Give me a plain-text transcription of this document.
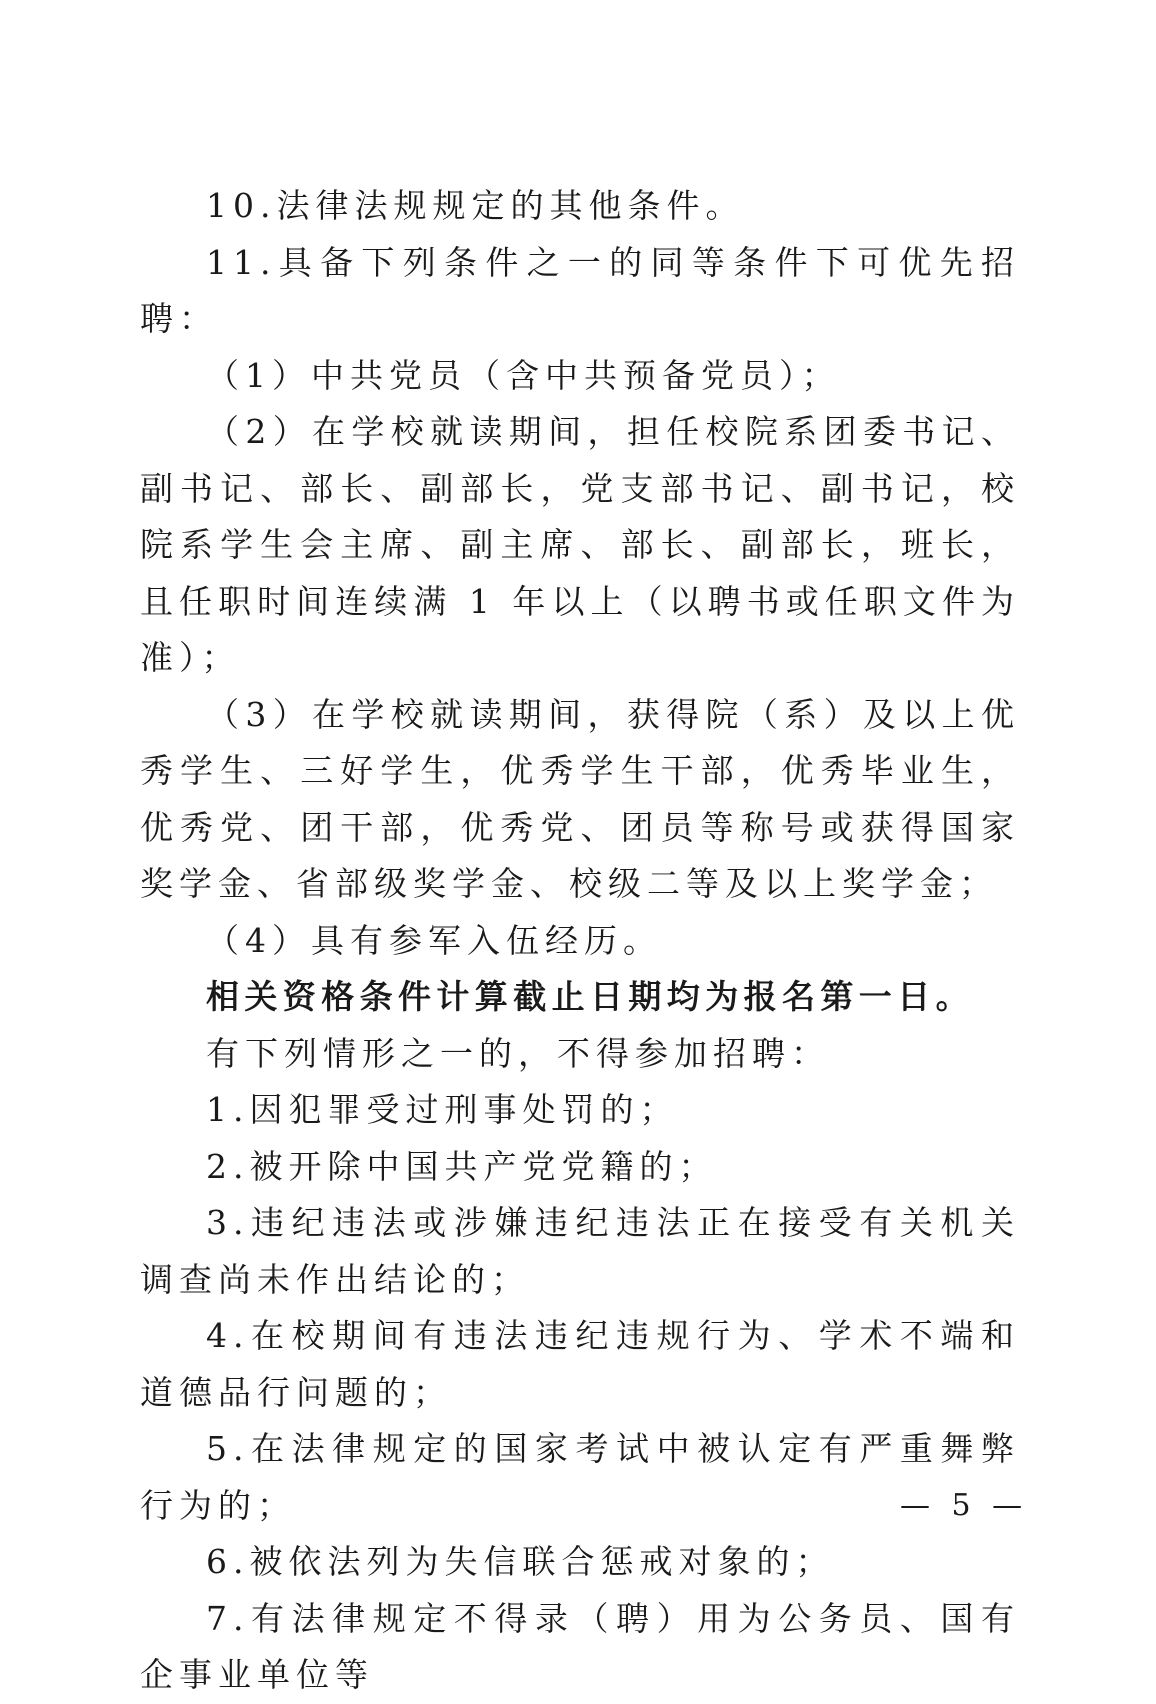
10.法律法规规定的其他条件。

11.具备下列条件之一的同等条件下可优先招聘：

（1）中共党员（含中共预备党员）；

（2）在学校就读期间，担任校院系团委书记、副书记、部长、副部长，党支部书记、副书记，校院系学生会主席、副主席、部长、副部长，班长，且任职时间连续满 1 年以上（以聘书或任职文件为准）；

（3）在学校就读期间，获得院（系）及以上优秀学生、三好学生，优秀学生干部，优秀毕业生，优秀党、团干部，优秀党、团员等称号或获得国家奖学金、省部级奖学金、校级二等及以上奖学金；

（4）具有参军入伍经历。

相关资格条件计算截止日期均为报名第一日。

有下列情形之一的，不得参加招聘：

1.因犯罪受过刑事处罚的；

2.被开除中国共产党党籍的；

3.违纪违法或涉嫌违纪违法正在接受有关机关调查尚未作出结论的；

4.在校期间有违法违纪违规行为、学术不端和道德品行问题的；

5.在法律规定的国家考试中被认定有严重舞弊行为的；

6.被依法列为失信联合惩戒对象的；

7.有法律规定不得录（聘）用为公务员、国有企事业单位等

— 5 —
